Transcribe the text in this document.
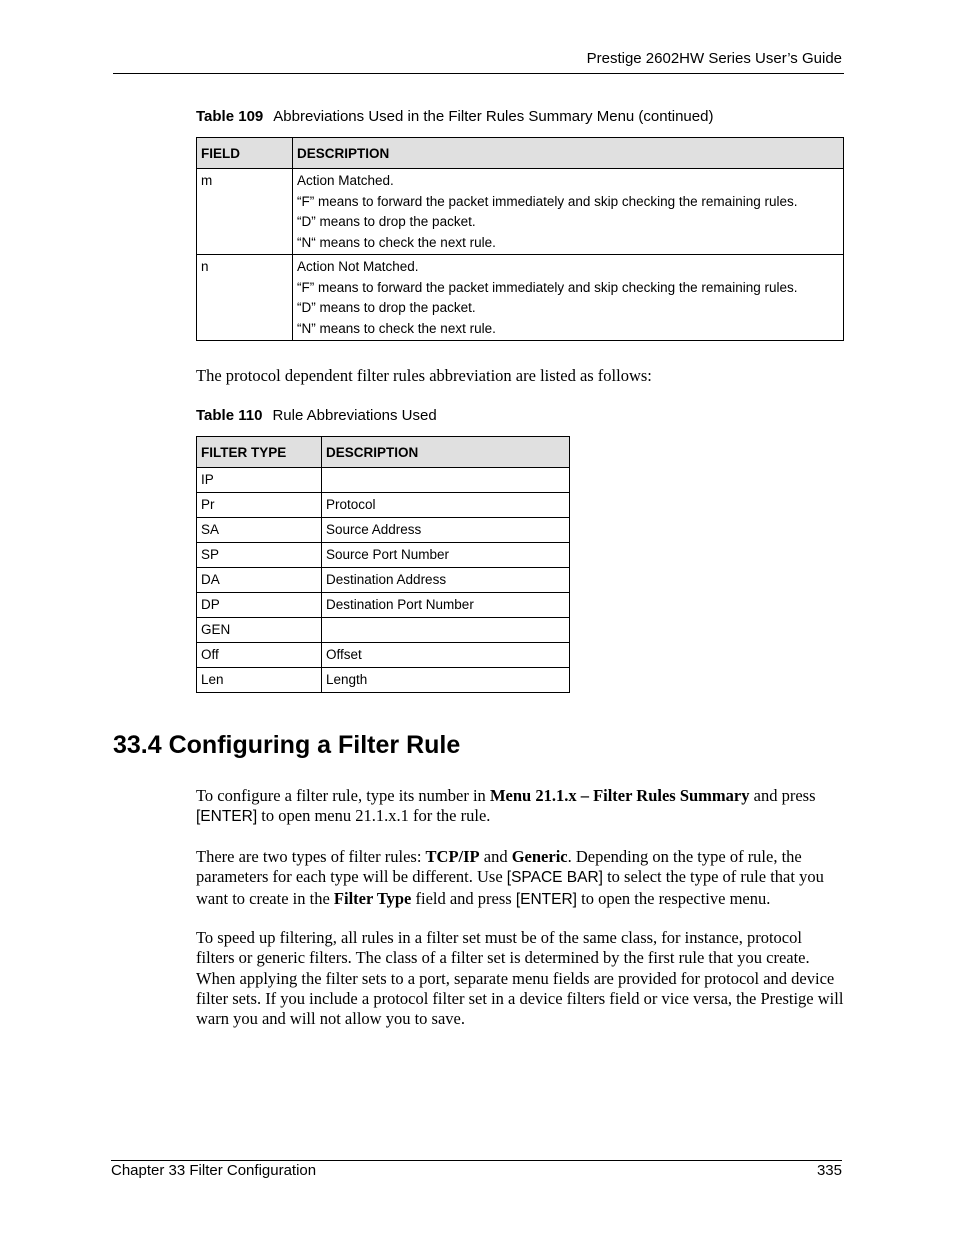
Prestige 2602HW Series User’s Guide
Table 109 Abbreviations Used in the Filter Rules Summary Menu (continued)
FIELD	DESCRIPTION
m	Action Matched.
“F” means to forward the packet immediately and skip checking the remaining rules.
“D” means to drop the packet.
“N“ means to check the next rule.

n	Action Not Matched.
“F” means to forward the packet immediately and skip checking the remaining rules.
“D” means to drop the packet.
“N” means to check the next rule.
The protocol dependent filter rules abbreviation are listed as follows:
Table 110 Rule Abbreviations Used
FILTER TYPE	DESCRIPTION
IP	
Pr	Protocol
SA	Source Address
SP	Source Port Number
DA	Destination Address
DP	Destination Port Number
GEN	
Off	Offset
Len	Length
33.4 Configuring a Filter Rule
To configure a filter rule, type its number in Menu 21.1.x – Filter Rules Summary and press [ENTER] to open menu 21.1.x.1 for the rule.
There are two types of filter rules: TCP/IP and Generic. Depending on the type of rule, the parameters for each type will be different. Use [SPACE BAR] to select the type of rule that you want to create in the Filter Type field and press [ENTER] to open the respective menu.
To speed up filtering, all rules in a filter set must be of the same class, for instance, protocol filters or generic filters. The class of a filter set is determined by the first rule that you create. When applying the filter sets to a port, separate menu fields are provided for protocol and device filter sets. If you include a protocol filter set in a device filters field or vice versa, the Prestige will warn you and will not allow you to save.
Chapter 33 Filter Configuration	335
